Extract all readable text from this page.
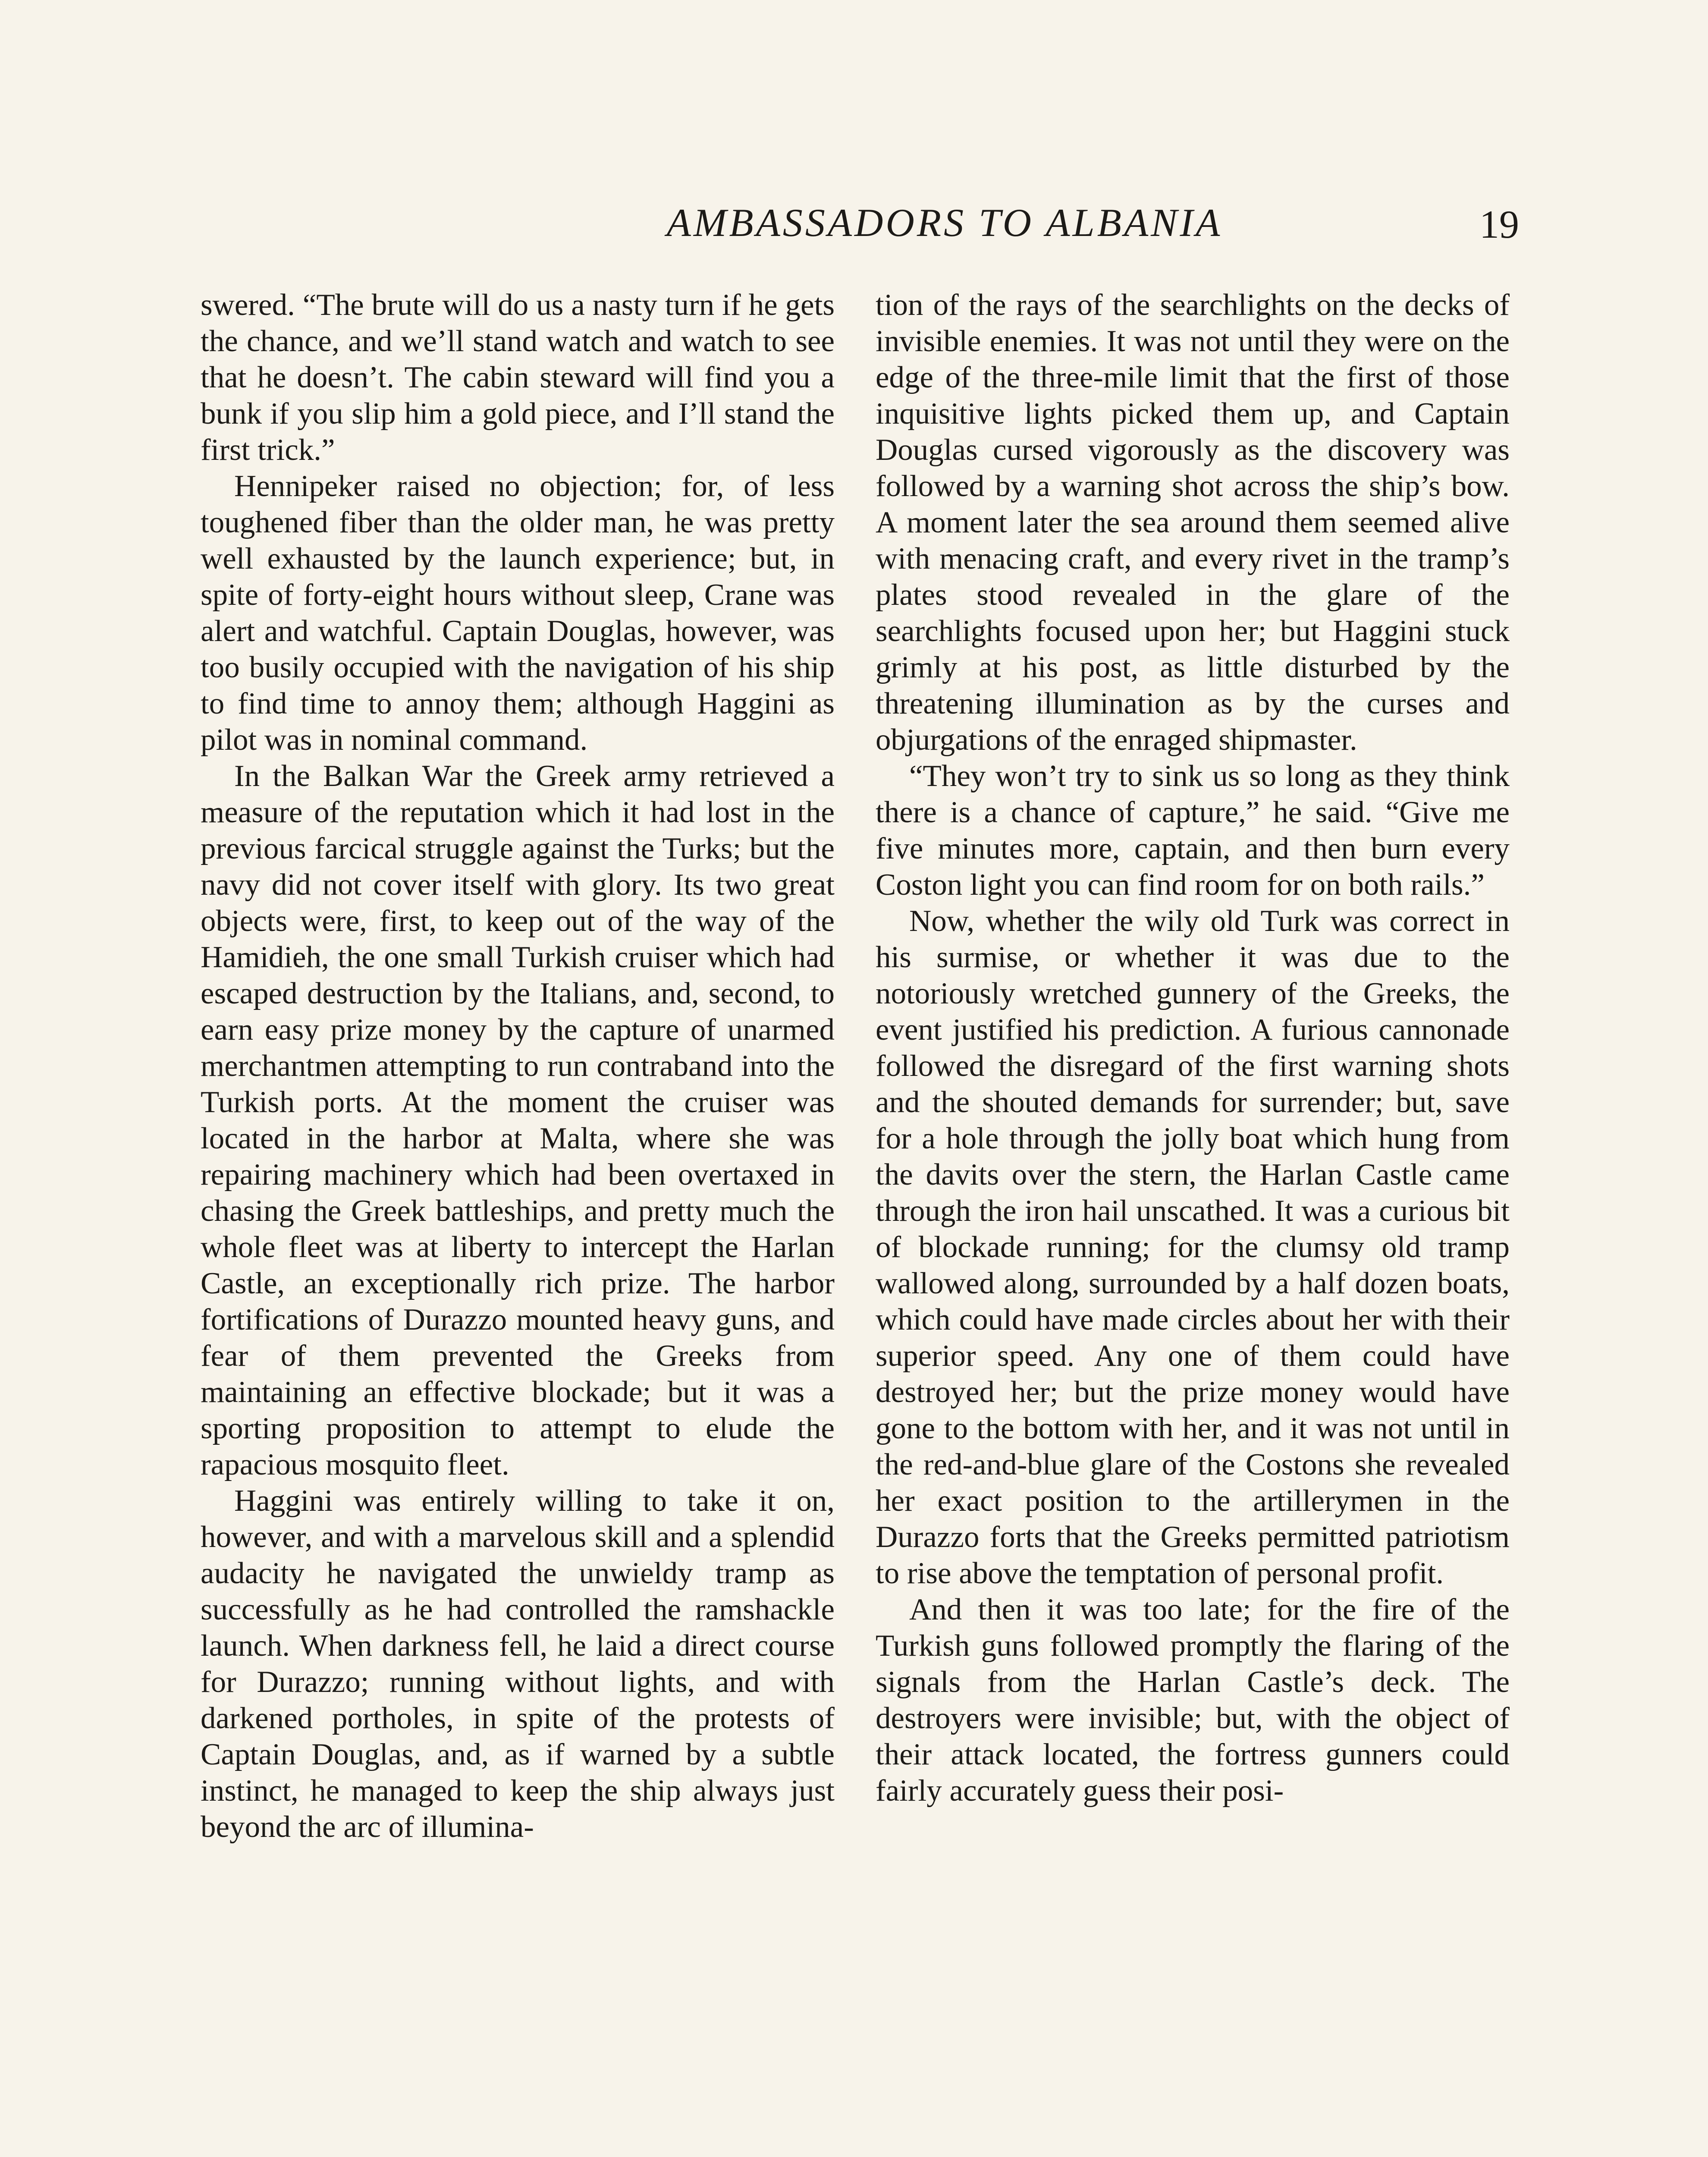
AMBASSADORS TO ALBANIA	19

swered. “The brute will do us a nasty turn if he gets the chance, and we’ll stand watch and watch to see that he doesn’t. The cabin steward will find you a bunk if you slip him a gold piece, and I’ll stand the first trick.”

Hennipeker raised no objection; for, of less toughened fiber than the older man, he was pretty well exhausted by the launch experience; but, in spite of forty-eight hours without sleep, Crane was alert and watchful. Captain Douglas, however, was too busily occupied with the navigation of his ship to find time to annoy them; although Haggini as pilot was in nominal command.

In the Balkan War the Greek army retrieved a measure of the reputation which it had lost in the previous farcical struggle against the Turks; but the navy did not cover itself with glory. Its two great objects were, first, to keep out of the way of the Hamidieh, the one small Turkish cruiser which had escaped destruction by the Italians, and, second, to earn easy prize money by the capture of unarmed merchantmen attempting to run contraband into the Turkish ports. At the moment the cruiser was located in the harbor at Malta, where she was repairing machinery which had been overtaxed in chasing the Greek battleships, and pretty much the whole fleet was at liberty to intercept the Harlan Castle, an exceptionally rich prize. The harbor fortifications of Durazzo mounted heavy guns, and fear of them prevented the Greeks from maintaining an effective blockade; but it was a sporting proposition to attempt to elude the rapacious mosquito fleet.

Haggini was entirely willing to take it on, however, and with a marvelous skill and a splendid audacity he navigated the unwieldy tramp as successfully as he had controlled the ramshackle launch. When darkness fell, he laid a direct course for Durazzo; running without lights, and with darkened portholes, in spite of the protests of Captain Douglas, and, as if warned by a subtle instinct, he managed to keep the ship always just beyond the arc of illumina-

tion of the rays of the searchlights on the decks of invisible enemies. It was not until they were on the edge of the three-mile limit that the first of those inquisitive lights picked them up, and Captain Douglas cursed vigorously as the discovery was followed by a warning shot across the ship’s bow. A moment later the sea around them seemed alive with menacing craft, and every rivet in the tramp’s plates stood revealed in the glare of the searchlights focused upon her; but Haggini stuck grimly at his post, as little disturbed by the threatening illumination as by the curses and objurgations of the enraged shipmaster.

“They won’t try to sink us so long as they think there is a chance of capture,” he said. “Give me five minutes more, captain, and then burn every Coston light you can find room for on both rails.”

Now, whether the wily old Turk was correct in his surmise, or whether it was due to the notoriously wretched gunnery of the Greeks, the event justified his prediction. A furious cannonade followed the disregard of the first warning shots and the shouted demands for surrender; but, save for a hole through the jolly boat which hung from the davits over the stern, the Harlan Castle came through the iron hail unscathed. It was a curious bit of blockade running; for the clumsy old tramp wallowed along, surrounded by a half dozen boats, which could have made circles about her with their superior speed. Any one of them could have destroyed her; but the prize money would have gone to the bottom with her, and it was not until in the red-and-blue glare of the Costons she revealed her exact position to the artillerymen in the Durazzo forts that the Greeks permitted patriotism to rise above the temptation of personal profit.

And then it was too late; for the fire of the Turkish guns followed promptly the flaring of the signals from the Harlan Castle’s deck. The destroyers were invisible; but, with the object of their attack located, the fortress gunners could fairly accurately guess their posi-
